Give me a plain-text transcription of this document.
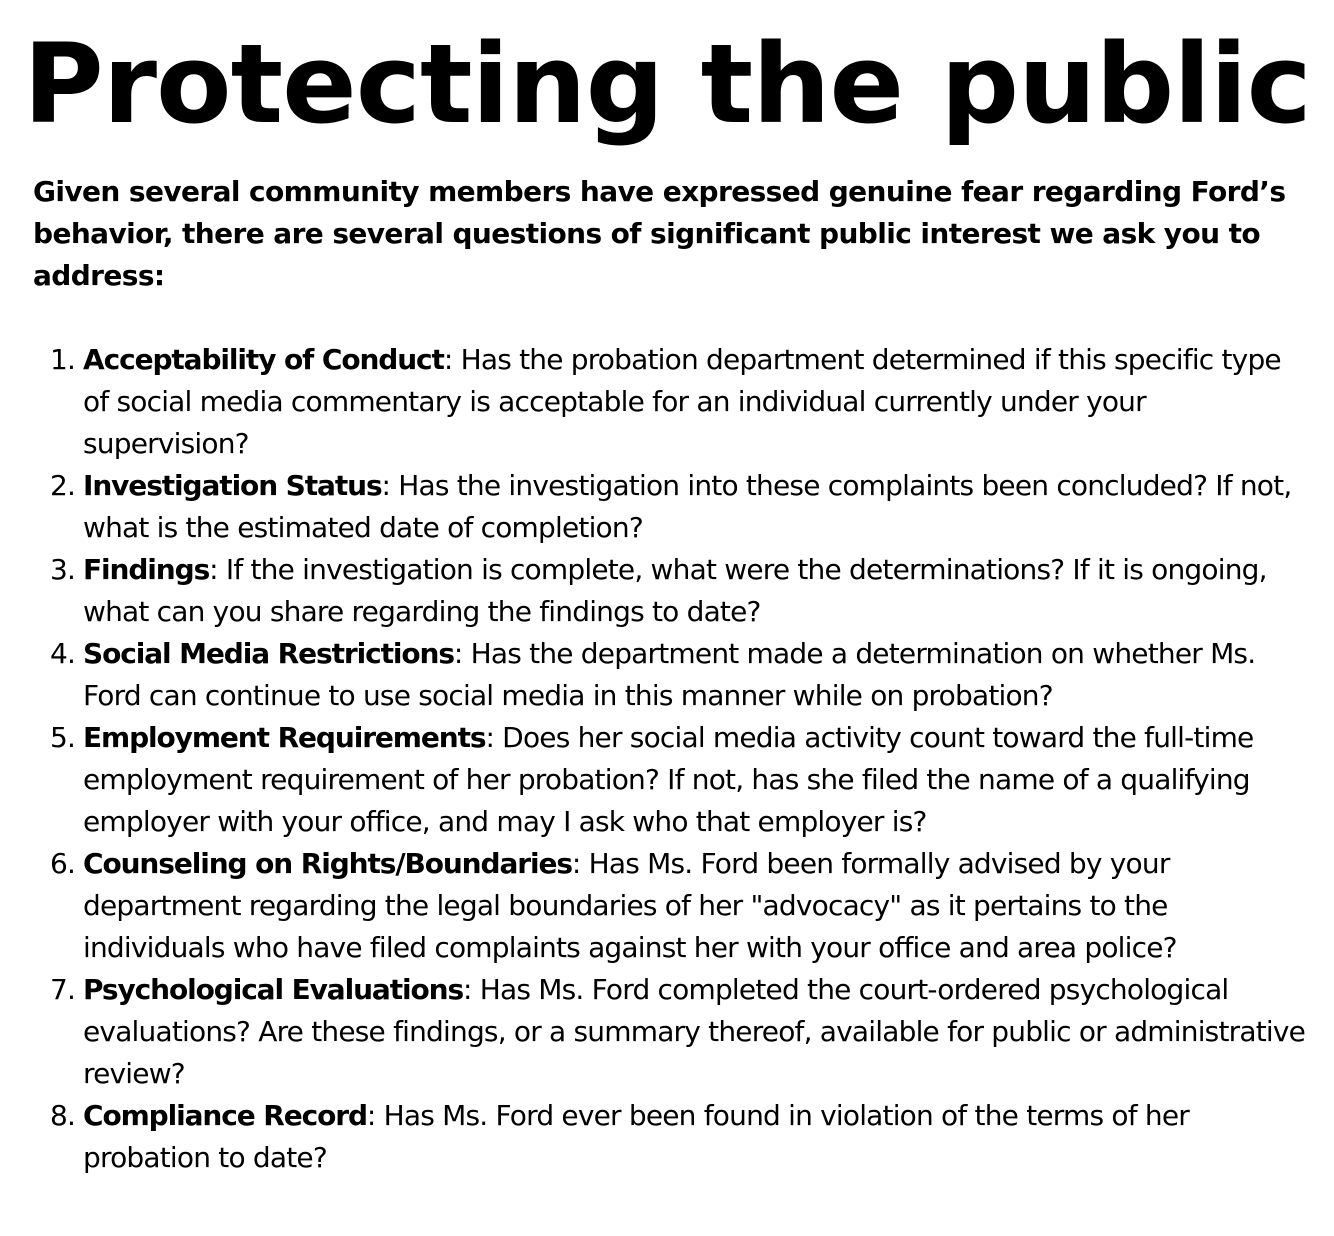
Protecting the public

Given several community members have expressed genuine fear regarding Ford’s behavior, there are several questions of significant public interest we ask you to address:

1. Acceptability of Conduct: Has the probation department determined if this specific type of social media commentary is acceptable for an individual currently under your supervision?
2. Investigation Status: Has the investigation into these complaints been concluded? If not, what is the estimated date of completion?
3. Findings: If the investigation is complete, what were the determinations? If it is ongoing, what can you share regarding the findings to date?
4. Social Media Restrictions: Has the department made a determination on whether Ms. Ford can continue to use social media in this manner while on probation?
5. Employment Requirements: Does her social media activity count toward the full-time employment requirement of her probation? If not, has she filed the name of a qualifying employer with your office, and may I ask who that employer is?
6. Counseling on Rights/Boundaries: Has Ms. Ford been formally advised by your department regarding the legal boundaries of her "advocacy" as it pertains to the individuals who have filed complaints against her with your office and area police?
7. Psychological Evaluations: Has Ms. Ford completed the court-ordered psychological evaluations? Are these findings, or a summary thereof, available for public or administrative review?
8. Compliance Record: Has Ms. Ford ever been found in violation of the terms of her probation to date?
